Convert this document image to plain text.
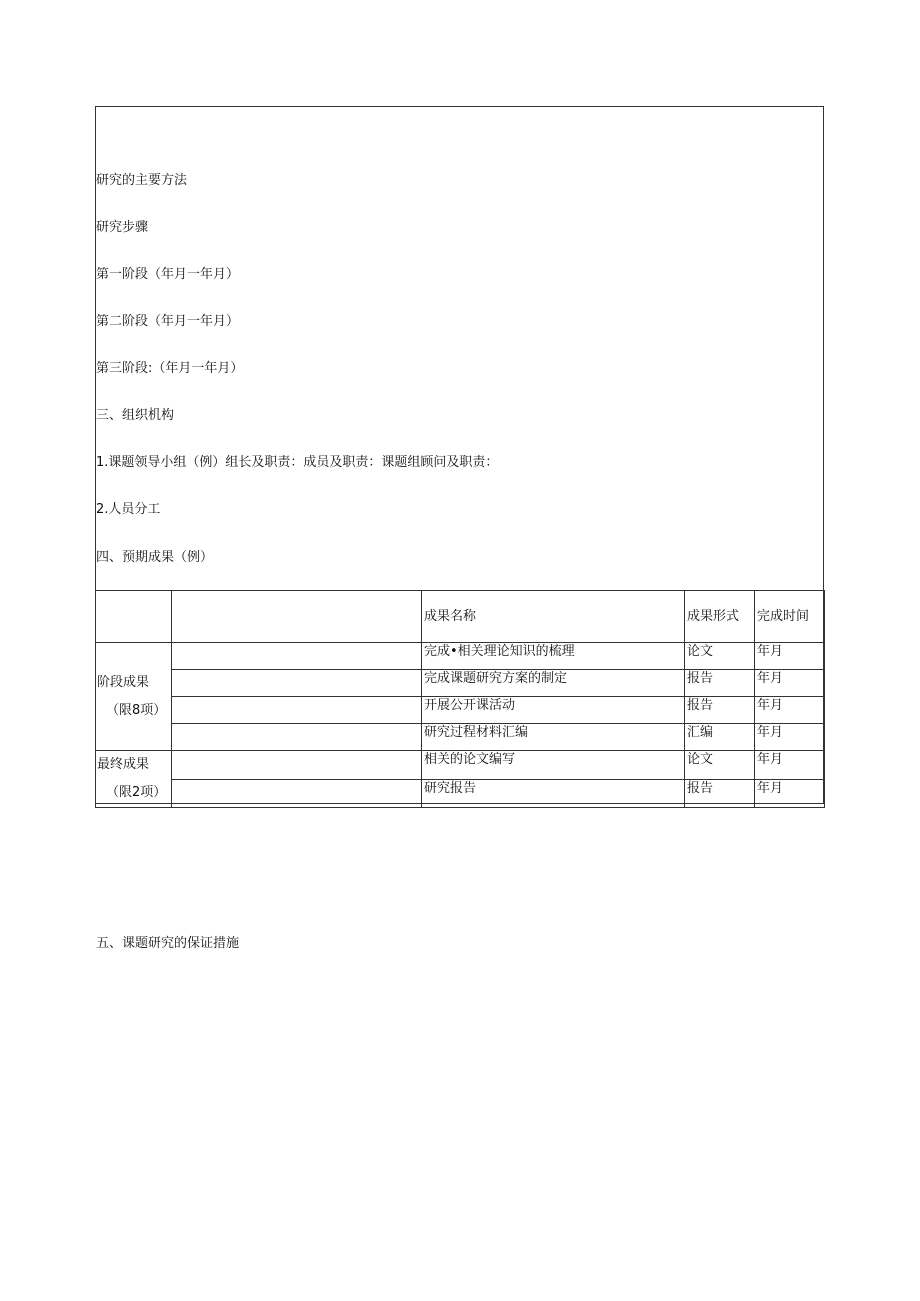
研究的主要方法
研究步骤
第一阶段（年月一年月）
第二阶段（年月一年月）
第三阶段:（年月一年月）
三、组织机构
1.课题领导小组（例）组长及职责：成员及职责：课题组顾问及职责：
2.人员分工
四、预期成果（例）
		成果名称	成果形式	完成时间
阶段成果
（限8项）		完成•相关理论知识的梳理	论文	年月
		完成课题研究方案的制定	报告	年月
		开展公开课活动	报告	年月
		研究过程材料汇编	汇编	年月
最终成果
（限2项）		相关的论文编写	论文	年月
		研究报告	报告	年月
五、课题研究的保证措施
